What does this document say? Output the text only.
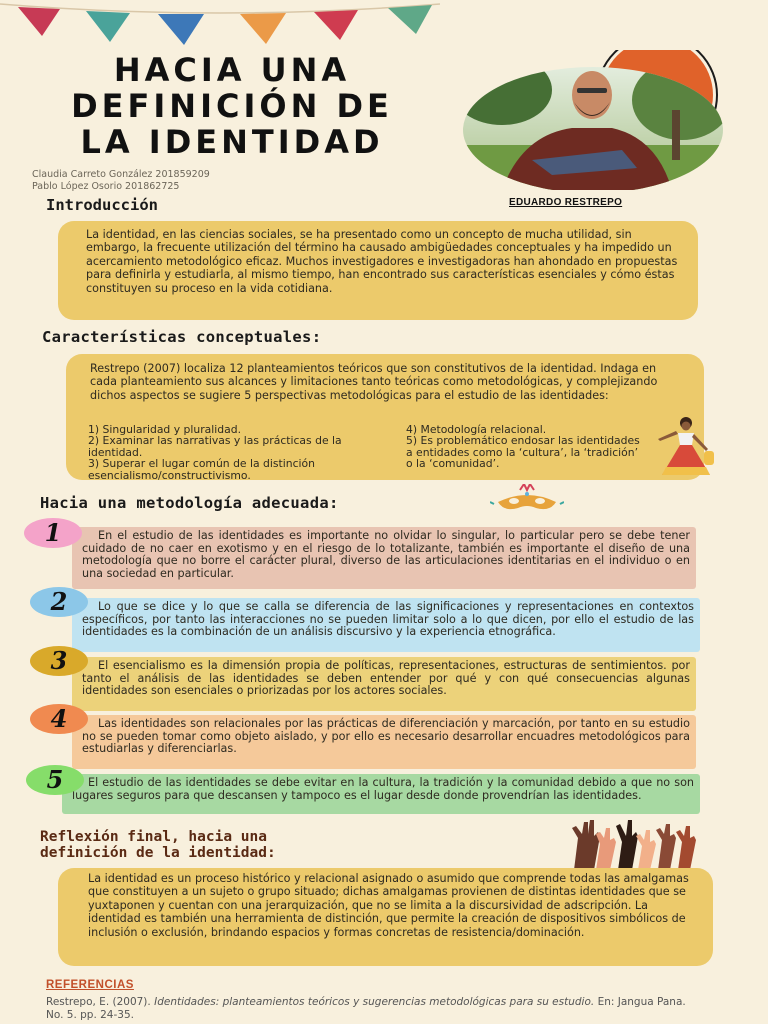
HACIA UNA
DEFINICIÓN DE
LA IDENTIDAD
Claudia Carreto González 201859209
Pablo López Osorio 201862725
EDUARDO RESTREPO
Introducción
La identidad, en las ciencias sociales, se ha presentado como un concepto de mucha utilidad, sin embargo, la frecuente utilización del término ha causado ambigüedades conceptuales y ha impedido un acercamiento metodológico eficaz. Muchos investigadores e investigadoras han ahondado en propuestas para definirla y estudiarla, al mismo tiempo, han encontrado sus características esenciales y cómo éstas constituyen su proceso en la vida cotidiana.
Características conceptuales:
Restrepo (2007) localiza 12 planteamientos teóricos que son constitutivos de la identidad. Indaga en cada planteamiento sus alcances y limitaciones tanto teóricas como metodológicas, y complejizando dichos aspectos se sugiere 5 perspectivas metodológicas para el estudio de las identidades:
1) Singularidad y pluralidad.
2) Examinar las narrativas y las prácticas de la identidad.
3) Superar el lugar común de la distinción esencialismo/constructivismo.
4) Metodología relacional.
5) Es problemático endosar las identidades a entidades como la ‘cultura’, la ‘tradición’ o la ‘comunidad’.
Hacia una metodología adecuada:
En el estudio de las identidades es importante no olvidar lo singular, lo particular pero se debe tener cuidado de no caer en exotismo y en el riesgo de lo totalizante, también es importante el diseño de una metodología que no borre el carácter plural, diverso de las articulaciones identitarias en el individuo o en una sociedad en particular.
1
Lo que se dice y lo que se calla se diferencia de las significaciones y representaciones en contextos específicos, por tanto las interacciones no se pueden limitar solo a lo que dicen, por ello el estudio de las identidades es la combinación de un análisis discursivo y la experiencia etnográfica.
2
El esencialismo es la dimensión propia de políticas, representaciones, estructuras de sentimientos. por tanto el análisis de las identidades se deben entender por qué y con qué consecuencias algunas identidades son esenciales o priorizadas por los actores sociales.
3
Las identidades son relacionales por las prácticas de diferenciación y marcación, por tanto en su estudio no se pueden tomar como objeto aislado, y por ello es necesario desarrollar encuadres metodológicos para estudiarlas y diferenciarlas.
4
El estudio de las identidades se debe evitar en la cultura, la tradición y la comunidad debido a que no son lugares seguros para que descansen y tampoco es el lugar desde donde provendrían las identidades.
5
Reflexión final, hacia una
definición de la identidad:
La identidad es un proceso histórico y relacional asignado o asumido que comprende todas las amalgamas que constituyen a un sujeto o grupo situado; dichas amalgamas provienen de distintas identidades que se yuxtaponen y cuentan con una jerarquización, que no se limita a la discursividad de adscripción. La identidad es también una herramienta de distinción, que permite la creación de dispositivos simbólicos de inclusión o exclusión, brindando espacios y formas concretas de resistencia/dominación.
REFERENCIAS
Restrepo, E. (2007). Identidades: planteamientos teóricos y sugerencias metodológicas para su estudio. En: Jangua Pana. No. 5. pp. 24-35.
